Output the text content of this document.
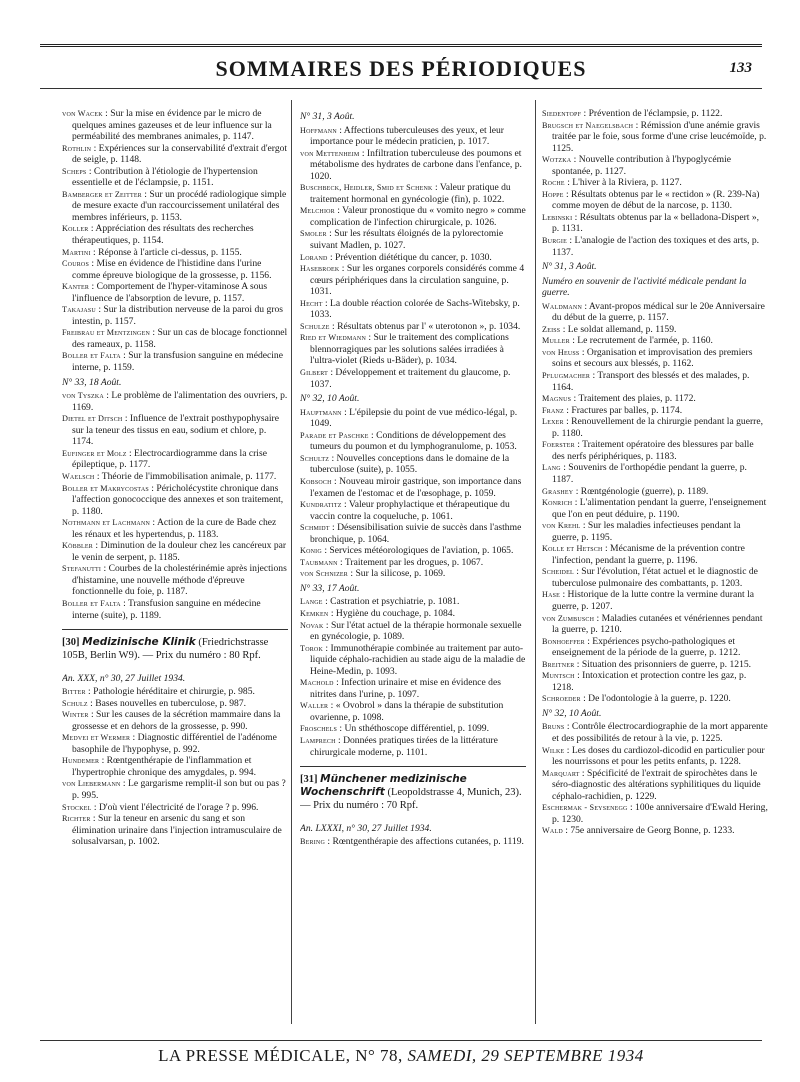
SOMMAIRES DES PÉRIODIQUES	133

von Wacek : Sur la mise en évidence par le micro de quelques amines gazeuses et de leur influence sur la perméabilité des membranes animales, p. 1147.

Rothlin : Expériences sur la conservabilité d'extrait d'ergot de seigle, p. 1148.

Scheps : Contribution à l'étiologie de l'hypertension essentielle et de l'éclampsie, p. 1151.

Bamberger et Zeitter : Sur un procédé radiologique simple de mesure exacte d'un raccourcissement unilatéral des membres inférieurs, p. 1153.

Koller : Appréciation des résultats des recherches thérapeutiques, p. 1154.

Martini : Réponse à l'article ci-dessus, p. 1155.

Couros : Mise en évidence de l'histidine dans l'urine comme épreuve biologique de la grossesse, p. 1156.

Kanter : Comportement de l'hyper-vitaminose A sous l'influence de l'absorption de levure, p. 1157.

Takajasu : Sur la distribution nerveuse de la paroi du gros intestin, p. 1157.

Freibrau et Mentzingen : Sur un cas de blocage fonctionnel des rameaux, p. 1158.

Boller et Falta : Sur la transfusion sanguine en médecine interne, p. 1159.

N° 33, 18 Août.

von Tyszka : Le problème de l'alimentation des ouvriers, p. 1169.

Dietel et Ditsch : Influence de l'extrait posthypophysaire sur la teneur des tissus en eau, sodium et chlore, p. 1174.

Eufinger et Molz : Electrocardiogramme dans la crise épileptique, p. 1177.

Waelsch : Théorie de l'immobilisation animale, p. 1177.

Boller et Makrycostas : Péricholécystite chronique dans l'affection gonococcique des annexes et son traitement, p. 1180.

Nothmann et Lachmann : Action de la cure de Bade chez les rénaux et les hypertendus, p. 1183.

Köbbler : Diminution de la douleur chez les cancéreux par le venin de serpent, p. 1185.

Stefanutti : Courbes de la cholestérinémie après injections d'histamine, une nouvelle méthode d'épreuve fonctionnelle du foie, p. 1187.

Boller et Falta : Transfusion sanguine en médecine interne (suite), p. 1189.

[30] Medizinische Klinik (Friedrichstrasse 105B, Berlin W9). — Prix du numéro : 80 Rpf.

An. XXX, n° 30, 27 Juillet 1934.

Bitter : Pathologie héréditaire et chirurgie, p. 985.

Schulz : Bases nouvelles en tuberculose, p. 987.

Winter : Sur les causes de la sécrétion mammaire dans la grossesse et en dehors de la grossesse, p. 990.

Medvei et Wermer : Diagnostic différentiel de l'adénome basophile de l'hypophyse, p. 992.

Hundemer : Rœntgenthérapie de l'inflammation et l'hypertrophie chronique des amygdales, p. 994.

von Liebermann : Le gargarisme remplit-il son but ou pas ? p. 995.

Stockel : D'où vient l'électricité de l'orage ? p. 996.

Richter : Sur la teneur en arsenic du sang et son élimination urinaire dans l'injection intramusculaire de solusalvarsan, p. 1002.

N° 31, 3 Août.

Hoffmann : Affections tuberculeuses des yeux, et leur importance pour le médecin praticien, p. 1017.

von Mettenheim : Infiltration tuberculeuse des poumons et métabolisme des hydrates de carbone dans l'enfance, p. 1020.

Buschbeck, Heidler, Smid et Schenk : Valeur pratique du traitement hormonal en gynécologie (fin), p. 1022.

Melchior : Valeur pronostique du « vomito negro » comme complication de l'infection chirurgicale, p. 1026.

Smoler : Sur les résultats éloignés de la pylorectomie suivant Madlen, p. 1027.

Lorand : Prévention diététique du cancer, p. 1030.

Hasebroek : Sur les organes corporels considérés comme 4 cœurs périphériques dans la circulation sanguine, p. 1031.

Hecht : La double réaction colorée de Sachs-Witebsky, p. 1033.

Schulze : Résultats obtenus par l' « uterotonon », p. 1034.

Ried et Wiedmann : Sur le traitement des complications blennorragiques par les solutions salées irradiées à l'ultra-violet (Rieds u-Bäder), p. 1034.

Gilbert : Développement et traitement du glaucome, p. 1037.

N° 32, 10 Août.

Hauptmann : L'épilepsie du point de vue médico-légal, p. 1049.

Parade et Paschke : Conditions de développement des tumeurs du poumon et du lymphogranulome, p. 1053.

Schultz : Nouvelles conceptions dans le domaine de la tuberculose (suite), p. 1055.

Kobsoch : Nouveau miroir gastrique, son importance dans l'examen de l'estomac et de l'œsophage, p. 1059.

Kundratitz : Valeur prophylactique et thérapeutique du vaccin contre la coqueluche, p. 1061.

Schmidt : Désensibilisation suivie de succès dans l'asthme bronchique, p. 1064.

Konig : Services météorologiques de l'aviation, p. 1065.

Taubmann : Traitement par les drogues, p. 1067.

von Schnizer : Sur la silicose, p. 1069.

N° 33, 17 Août.

Lange : Castration et psychiatrie, p. 1081.

Kemken : Hygiène du couchage, p. 1084.

Novak : Sur l'état actuel de la thérapie hormonale sexuelle en gynécologie, p. 1089.

Torok : Immunothérapie combinée au traitement par auto-liquide céphalo-rachidien au stade aigu de la maladie de Heine-Medin, p. 1093.

Machold : Infection urinaire et mise en évidence des nitrites dans l'urine, p. 1097.

Waller : « Ovobrol » dans la thérapie de substitution ovarienne, p. 1098.

Froschels : Un sthéthoscope différentiel, p. 1099.

Lamprech : Données pratiques tirées de la littérature chirurgicale moderne, p. 1101.

[31] Münchener medizinische Wochenschrift (Leopoldstrasse 4, Munich, 23). — Prix du numéro : 70 Rpf.

An. LXXXI, n° 30, 27 Juillet 1934.

Bering : Rœntgenthérapie des affections cutanées, p. 1119.

Siedentopf : Prévention de l'éclampsie, p. 1122.

Brugsch et Naegelsbach : Rémission d'une anémie gravis traitée par le foie, sous forme d'une crise leucémoïde, p. 1125.

Wotzka : Nouvelle contribution à l'hypoglycémie spontanée, p. 1127.

Roche : L'hiver à la Riviera, p. 1127.

Hoppe : Résultats obtenus par le « rectidon » (R. 239-Na) comme moyen de début de la narcose, p. 1130.

Lebinski : Résultats obtenus par la « belladona-Dispert », p. 1131.

Burgie : L'analogie de l'action des toxiques et des arts, p. 1137.

N° 31, 3 Août.

Numéro en souvenir de l'activité médicale pendant la guerre.

Waldmann : Avant-propos médical sur le 20e Anniversaire du début de la guerre, p. 1157.

Zeiss : Le soldat allemand, p. 1159.

Muller : Le recrutement de l'armée, p. 1160.

von Heuss : Organisation et improvisation des premiers soins et secours aux blessés, p. 1162.

Pflugmacher : Transport des blessés et des malades, p. 1164.

Magnus : Traitement des plaies, p. 1172.

Franz : Fractures par balles, p. 1174.

Lexer : Renouvellement de la chirurgie pendant la guerre, p. 1180.

Foerster : Traitement opératoire des blessures par balle des nerfs périphériques, p. 1183.

Lang : Souvenirs de l'orthopédie pendant la guerre, p. 1187.

Grashey : Rœntgénologie (guerre), p. 1189.

Konrich : L'alimentation pendant la guerre, l'enseignement que l'on en peut déduire, p. 1190.

von Krehl : Sur les maladies infectieuses pendant la guerre, p. 1195.

Kolle et Hetsch : Mécanisme de la prévention contre l'infection, pendant la guerre, p. 1196.

Scheidel : Sur l'évolution, l'état actuel et le diagnostic de tuberculose pulmonaire des combattants, p. 1203.

Hase : Historique de la lutte contre la vermine durant la guerre, p. 1207.

von Zumbusch : Maladies cutanées et vénériennes pendant la guerre, p. 1210.

Bonhoeffer : Expériences psycho-pathologiques et enseignement de la période de la guerre, p. 1212.

Breitner : Situation des prisonniers de guerre, p. 1215.

Muntsch : Intoxication et protection contre les gaz, p. 1218.

Schroeder : De l'odontologie à la guerre, p. 1220.

N° 32, 10 Août.

Bruns : Contrôle électrocardiographie de la mort apparente et des possibilités de retour à la vie, p. 1225.

Wilke : Les doses du cardiozol-dicodid en particulier pour les nourrissons et pour les petits enfants, p. 1228.

Marquart : Spécificité de l'extrait de spirochètes dans le séro-diagnostic des altérations syphilitiques du liquide céphalo-rachidien, p. 1229.

Eschermak - Seysenegg : 100e anniversaire d'Ewald Hering, p. 1230.

Wald : 75e anniversaire de Georg Bonne, p. 1233.

LA PRESSE MÉDICALE, N° 78, SAMEDI, 29 SEPTEMBRE 1934
